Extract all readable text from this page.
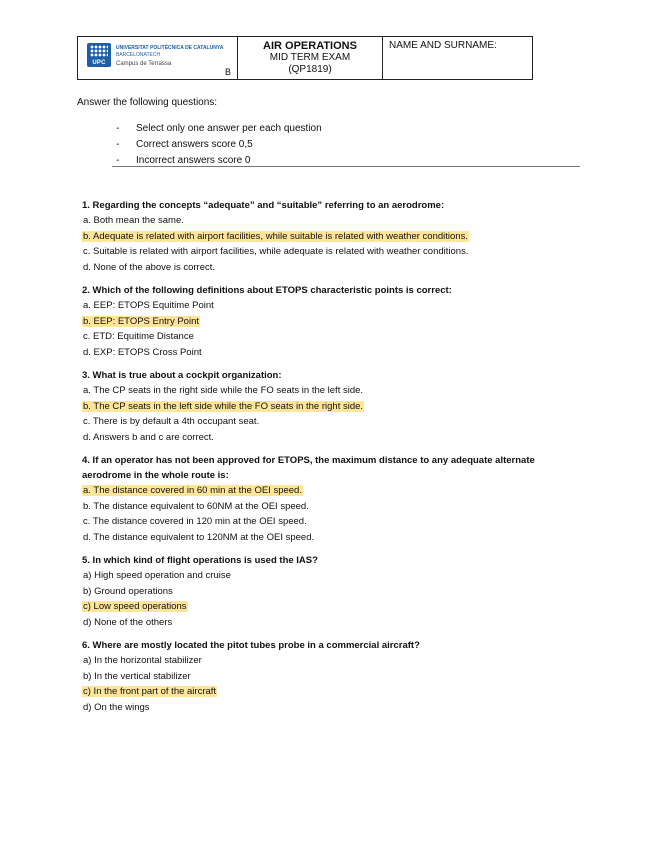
UPC
UNIVERSITAT POLITÈCNICA DE CATALUNYA
BARCELONATECH
Campus de Terrassa
B
AIR OPERATIONS
MID TERM EXAM
(QP1819)
NAME AND SURNAME:
Answer the following questions:
-	Select only one answer per each question
-	Correct answers score 0,5
-	Incorrect answers score 0
1. Regarding the concepts “adequate” and “suitable” referring to an aerodrome:
a. Both mean the same.
b. Adequate is related with airport facilities, while suitable is related with weather conditions.
c. Suitable is related with airport facilities, while adequate is related with weather conditions.
d. None of the above is correct.
2. Which of the following definitions about ETOPS characteristic points is correct:
a. EEP: ETOPS Equitime Point
b. EEP: ETOPS Entry Point
c. ETD: Equitime Distance
d. EXP: ETOPS Cross Point
3. What is true about a cockpit organization:
a. The CP seats in the right side while the FO seats in the left side.
b. The CP seats in the left side while the FO seats in the right side.
c. There is by default a 4th occupant seat.
d. Answers b and c are correct.
4. If an operator has not been approved for ETOPS, the maximum distance to any adequate alternate aerodrome in the whole route is:
a. The distance covered in 60 min at the OEI speed.
b. The distance equivalent to 60NM at the OEI speed.
c. The distance covered in 120 min at the OEI speed.
d. The distance equivalent to 120NM at the OEI speed.
5. In which kind of flight operations is used the IAS?
a) High speed operation and cruise
b) Ground operations
c) Low speed operations
d) None of the others
6. Where are mostly located the pitot tubes probe in a commercial aircraft?
a) In the horizontal stabilizer
b) In the vertical stabilizer
c) In the front part of the aircraft
d) On the wings
